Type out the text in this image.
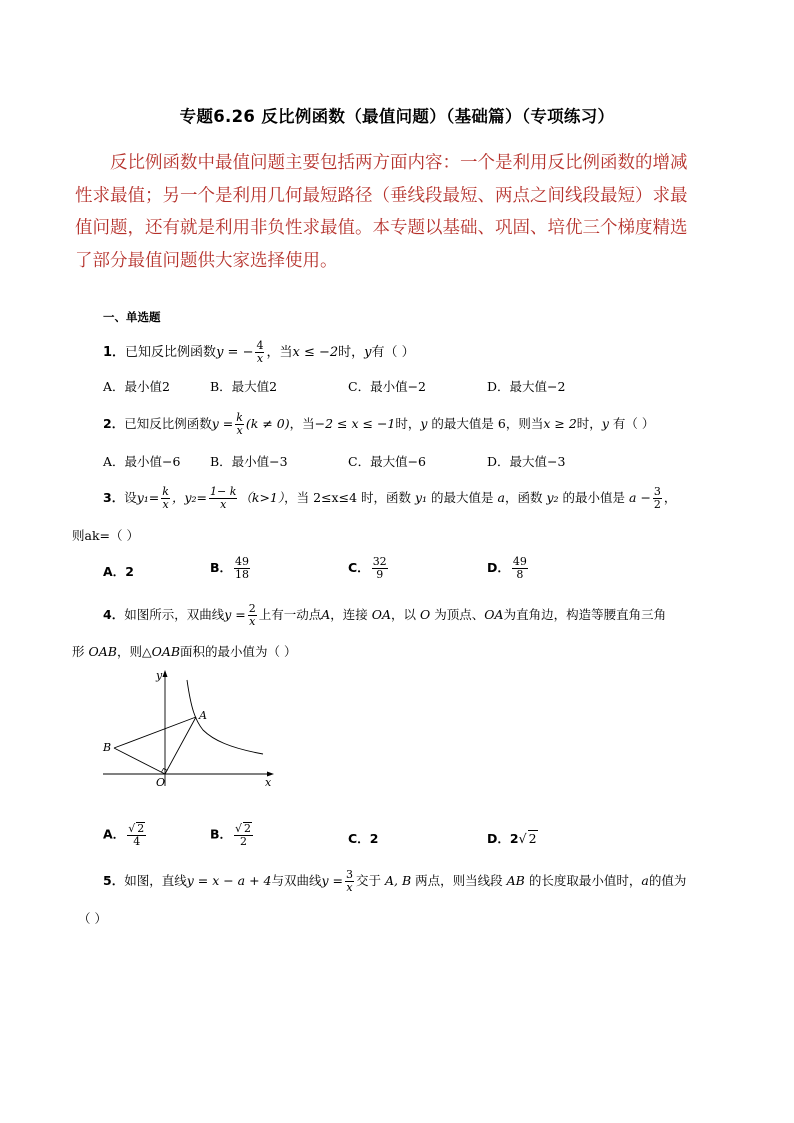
专题6.26 反比例函数（最值问题）（基础篇）（专项练习）
反比例函数中最值问题主要包括两方面内容：一个是利用反比例函数的增减
性求最值；另一个是利用几何最短路径（垂线段最短、两点之间线段最短）求最
值问题，还有就是利用非负性求最值。本专题以基础、巩固、培优三个梯度精选
了部分最值问题供大家选择使用。
一、单选题
1．已知反比例函数y = − $\frac{4}{x}$ ，当x ≤ −2时，y有（ ）
A．最小值2	B．最大值2	C．最小值−2	D．最大值−2
2．已知反比例函数$y = \frac{k}{x} (k \ne 0)$，当−2 ≤ x ≤ −1时，y 的最大值是 6，则当x ≥ 2时，y 有（ ）
A．最小值−6 B．最小值−3	C．最大值−6	D．最大值−3
3．设$y_1= \frac{k}{x}$ ，$y_2= \frac{1- k}{x} (k>1)$，当 2≤x≤4 时，函数 y₁ 的最大值是 a，函数 y₂ 的最小值是 $a - \frac{3}{2}$ ，
则ak=（ ）
A．2	B． $\frac{49}{18}$	C． $\frac{32}{9}$	D． $\frac{49}{8}$
4．如图所示，双曲线$y = \frac{2}{x}$ 上有一动点A，连接 OA，以 O 为顶点、OA为直角边，构造等腰直角三角
形 OAB，则△OAB面积的最小值为（ ）
y
x
A
B
O
A． $\frac{√ 2}{4}$	B． $\frac{√ 2}{2}$	C．2	D．2√ 2
5．如图，直线y = x − a + 4与双曲线$y = \frac{3}{x}$ 交于 A, B 两点，则当线段 AB 的长度取最小值时，a的值为
（ ）
